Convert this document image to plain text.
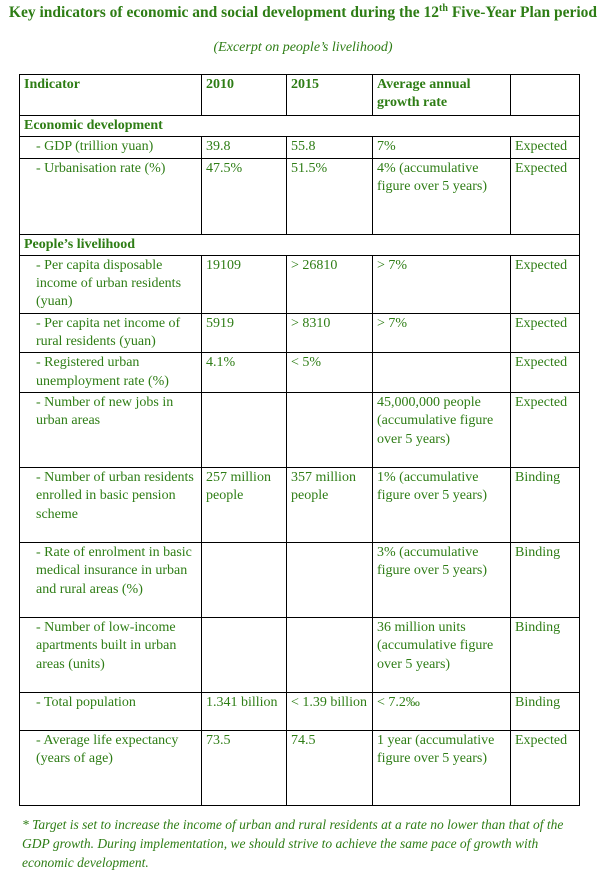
Key indicators of economic and social development during the 12th Five-Year Plan period
(Excerpt on people’s livelihood)
Indicator	2010	2015	Average annual growth rate	
Economic development				
- GDP (trillion yuan)	39.8	55.8	7%	Expected
- Urbanisation rate (%)	47.5%	51.5%	4% (accumulative figure over 5 years)	Expected
People’s livelihood				
- Per capita disposable income of urban residents (yuan)	19109	> 26810	> 7%	Expected
- Per capita net income of rural residents (yuan)	5919	> 8310	> 7%	Expected
- Registered urban unemployment rate (%)	4.1%	< 5%		Expected
- Number of new jobs in urban areas			45,000,000 people (accumulative figure over 5 years)	Expected
- Number of urban residents enrolled in basic pension scheme	257 million people	357 million people	1% (accumulative figure over 5 years)	Binding
- Rate of enrolment in basic medical insurance in urban and rural areas (%)			3% (accumulative figure over 5 years)	Binding
- Number of low-income apartments built in urban areas (units)			36 million units (accumulative figure over 5 years)	Binding
- Total population	1.341 billion	< 1.39 billion	< 7.2‰	Binding
- Average life expectancy (years of age)	73.5	74.5	1 year (accumulative figure over 5 years)	Expected
* Target is set to increase the income of urban and rural residents at a rate no lower than that of the GDP growth. During implementation, we should strive to achieve the same pace of growth with economic development.
